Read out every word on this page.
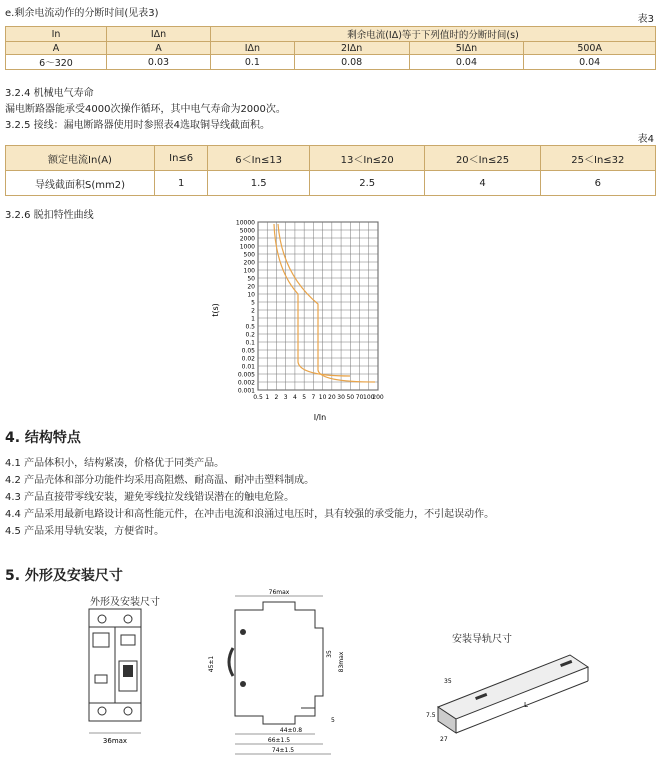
e.剩余电流动作的分断时间(见表3)
表3
In	IΔn	剩余电流(IΔ)等于下列值时的分断时间(s)			
A	A	IΔn	2IΔn	5IΔn	500A
6～320	0.03	0.1	0.08	0.04	0.04
3.2.4 机械电气寿命
漏电断路器能承受4000次操作循环，其中电气寿命为2000次。
3.2.5 接线：漏电断路器使用时参照表4选取铜导线截面积。
表4
额定电流In(A)	In≤6	6＜In≤13	13＜In≤20	20＜In≤25	25＜In≤32
导线截面积S(mm2)	1	1.5	2.5	4	6
3.2.6 脱扣特性曲线
10000
5000
2000
1000
500
200
100
50
20
10
5
2
1
0.5
0.2
0.1
0.05
0.02
0.01
0.005
0.002
0.001
0.5 1 2 3 4 5 7 10 20 30 50 70 100
200
t(s)
I/In
4. 结构特点
4.1 产品体积小，结构紧凑，价格优于同类产品。
4.2 产品壳体和部分功能件均采用高阻燃、耐高温、耐冲击塑料制成。
4.3 产品直接带零线安装，避免零线拉发线错误潜在的触电危险。
4.4 产品采用最新电路设计和高性能元件，在冲击电流和浪涌过电压时，具有较强的承受能力，不引起误动作。
4.5 产品采用导轨安装，方便省时。
5. 外形及安装尺寸
外形及安装尺寸
36max
76max
45±1
35 83max
44±0.8
5
66±1.5
74±1.5
安装导轨尺寸
35
7.5
27
L
